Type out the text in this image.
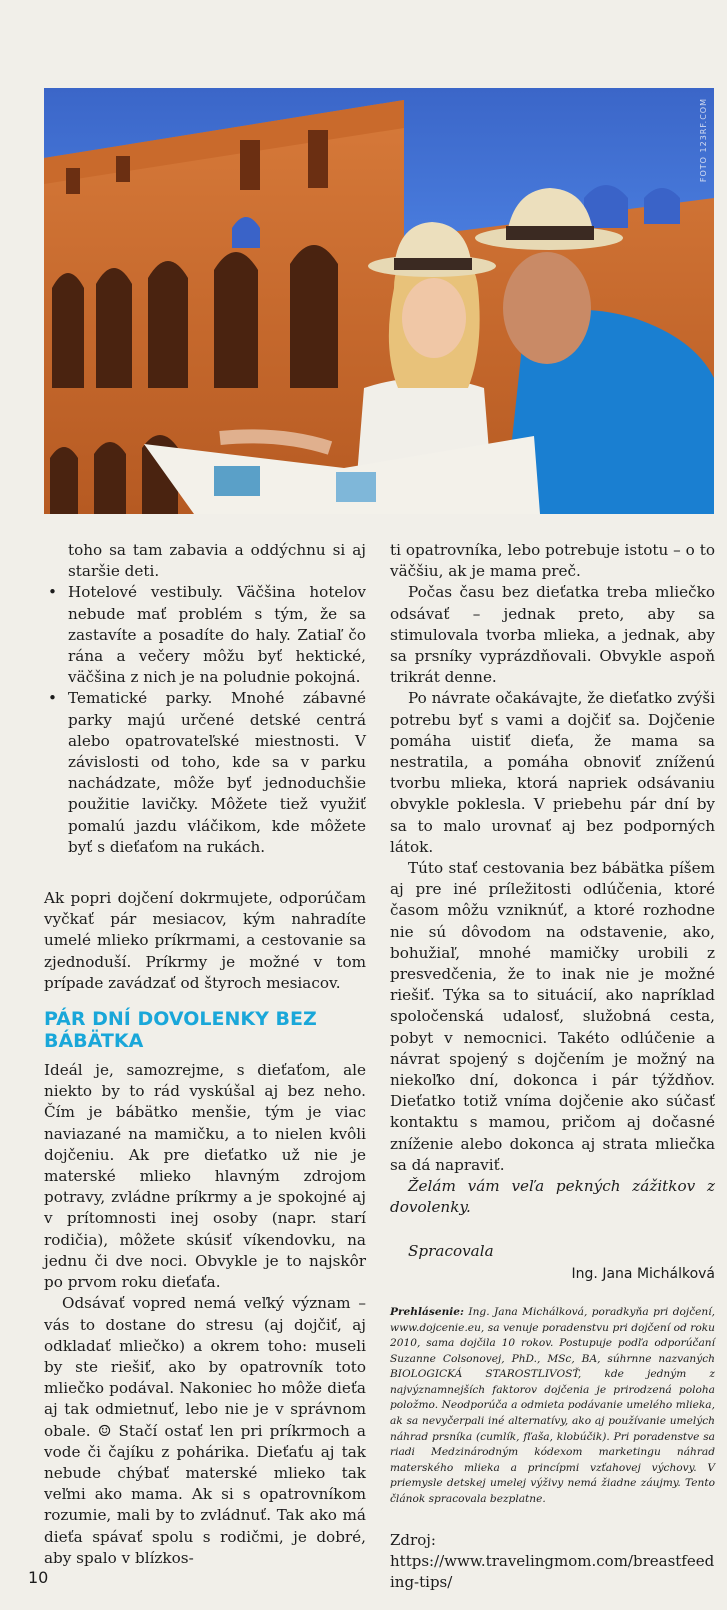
FOTO 123RF.COM

toho sa tam zabavia a oddýchnu si aj staršie deti.

• Hotelové vestibuly. Väčšina hotelov nebude mať problém s tým, že sa zastavíte a posadíte do haly. Zatiaľ čo rána a večery môžu byť hektické, väčšina z nich je na poludnie pokojná.
• Tematické parky. Mnohé zábavné parky majú určené detské centrá alebo opatrovateľské miestnosti. V závislosti od toho, kde sa v parku nachádzate, môže byť jednoduchšie použitie lavičky. Môžete tiež využiť pomalú jazdu vláčikom, kde môžete byť s dieťaťom na rukách.

Ak popri dojčení dokrmujete, odporúčam vyčkať pár mesiacov, kým nahradíte umelé mlieko príkrmami, a cestovanie sa zjednoduší. Príkrmy je možné v tom prípade zavádzať od štyroch mesiacov.

PÁR DNÍ DOVOLENKY BEZ BÁBÄTKA

Ideál je, samozrejme, s dieťaťom, ale niekto by to rád vyskúšal aj bez neho. Čím je bábätko menšie, tým je viac naviazané na mamičku, a to nielen kvôli dojčeniu. Ak pre dieťatko už nie je materské mlieko hlavným zdrojom potravy, zvládne príkrmy a je spokojné aj v prítomnosti inej osoby (napr. starí rodičia), môžete skúsiť víkendovku, na jednu či dve noci. Obvykle je to najskôr po prvom roku dieťaťa.

Odsávať vopred nemá veľký význam – vás to dostane do stresu (aj dojčiť, aj odkladať mliečko) a okrem toho: museli by ste riešiť, ako by opatrovník toto mliečko podával. Nakoniec ho môže dieťa aj tak odmietnuť, lebo nie je v správnom obale. ☺ Stačí ostať len pri príkrmoch a vode či čajíku z pohárika. Dieťaťu aj tak nebude chýbať materské mlieko tak veľmi ako mama. Ak si s opatrovníkom rozumie, mali by to zvládnuť. Tak ako má dieťa spávať spolu s rodičmi, je dobré, aby spalo v blízkos-

ti opatrovníka, lebo potrebuje istotu – o to väčšiu, ak je mama preč.

Počas času bez dieťatka treba mliečko odsávať – jednak preto, aby sa stimulovala tvorba mlieka, a jednak, aby sa prsníky vyprázdňovali. Obvykle aspoň trikrát denne.

Po návrate očakávajte, že dieťatko zvýši potrebu byť s vami a dojčiť sa. Dojčenie pomáha uistiť dieťa, že mama sa nestratila, a pomáha obnoviť zníženú tvorbu mlieka, ktorá napriek odsávaniu obvykle poklesla. V priebehu pár dní by sa to malo urovnať aj bez podporných látok.

Túto stať cestovania bez bábätka píšem aj pre iné príležitosti odlúčenia, ktoré časom môžu vzniknúť, a ktoré rozhodne nie sú dôvodom na odstavenie, ako, bohužiaľ, mnohé mamičky urobili z presvedčenia, že to inak nie je možné riešiť. Týka sa to situácií, ako napríklad spoločenská udalosť, služobná cesta, pobyt v nemocnici. Takéto odlúčenie a návrat spojený s dojčením je možný na niekoľko dní, dokonca i pár týždňov. Dieťatko totiž vníma dojčenie ako súčasť kontaktu s mamou, pričom aj dočasné zníženie alebo dokonca aj strata mliečka sa dá napraviť.

Želám vám veľa pekných zážitkov z dovolenky.

Spracovala

Ing. Jana Michálková

Prehlásenie: Ing. Jana Michálková, poradkyňa pri dojčení, www.dojcenie.eu, sa venuje poradenstvu pri dojčení od roku 2010, sama dojčila 10 rokov. Postupuje podľa odporúčaní Suzanne Colsonovej, PhD., MSc, BA, súhrnne nazvaných BIOLOGICKÁ STAROSTLIVOSŤ, kde jedným z najvýznamnejších faktorov dojčenia je prirodzená poloha položmo. Neodporúča a odmieta podávanie umelého mlieka, ak sa nevyčerpali iné alternatívy, ako aj používanie umelých náhrad prsníka (cumlík, fľaša, klobúčik). Pri poradenstve sa riadi Medzinárodným kódexom marketingu náhrad materského mlieka a princípmi vzťahovej výchovy. V priemysle detskej umelej výživy nemá žiadne záujmy. Tento článok spracovala bezplatne.

Zdroj:
https://www.travelingmom.com/breastfeeding-tips/
10
